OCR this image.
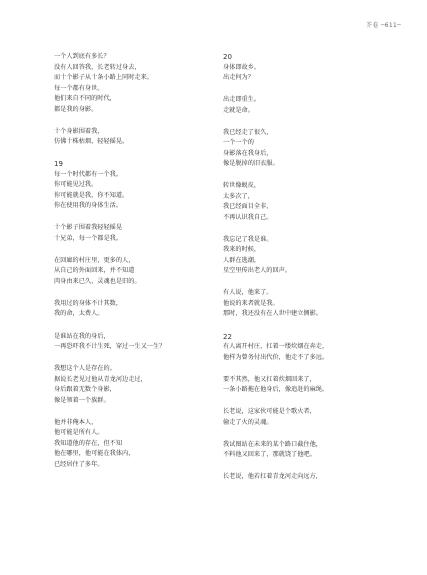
芥卷 ─611─
一个人到底有多长？
没有人回答我，长老转过身去，
而十个影子从十条小路上同时走来。
每一个都有身世。
他们来自不同的时代，
都是我的身影。
十个身影围着我，
仿佛十株枯烟，轻轻摇晃。
19
每一个时代都有一个我。
你可能见过我。
你可能就是我，你不知道。
你在使用我的身体生活。
十个影子围着我轻轻摇晃
十兄弟，每一个都是我。
在回廊的村庄里，更多的人，
从自己的外面回来，并不知道
肉身由来已久，灵魂也是旧的。
我用过的身体不计其数，
我的命，太费人。
是谁站在我的身后，
一再恐吓我不计生死，穿过一生又一生？
我想这个人是存在的。
据说长老见过他从青龙河边走过，
身后跟着无数个身影，
像是领着一个族群。
他并非俺本人，
他可能是所有人。
我知道他的存在，但不知
他在哪里，他可能在我体内，
已经居住了多年。
20
身体即故乡。
出走何为？
出走即重生。
走就是命。
我已经走了很久，
一个一个的
身影落在我身后，
像是脱掉的旧衣服。
转世像蜕皮，
太多次了，
我已经面目全非，
不再认识我自己。
我忘记了我是谁。
我来的时候，
人群在逃潮，
星空里传出老人的回声。
有人说，他来了。
他说的来者就是我。
那时，我还没有在人世中建立侧影。
22
有人离开村庄，扛着一缕炊烟在奔走，
他样为曾务付出代价，他走不了多远。
要不其然，他又扛着炊烟回来了，
一条小路拖在他身后，像追赶的麻绳。
长老说，这家伙可能是个歌火者，
偷走了火的灵魂。
我试图站在未来的某个路口截住他，
不料他又回来了，那就饶了他吧。
长老说，他若扛着青龙河走向远方，
